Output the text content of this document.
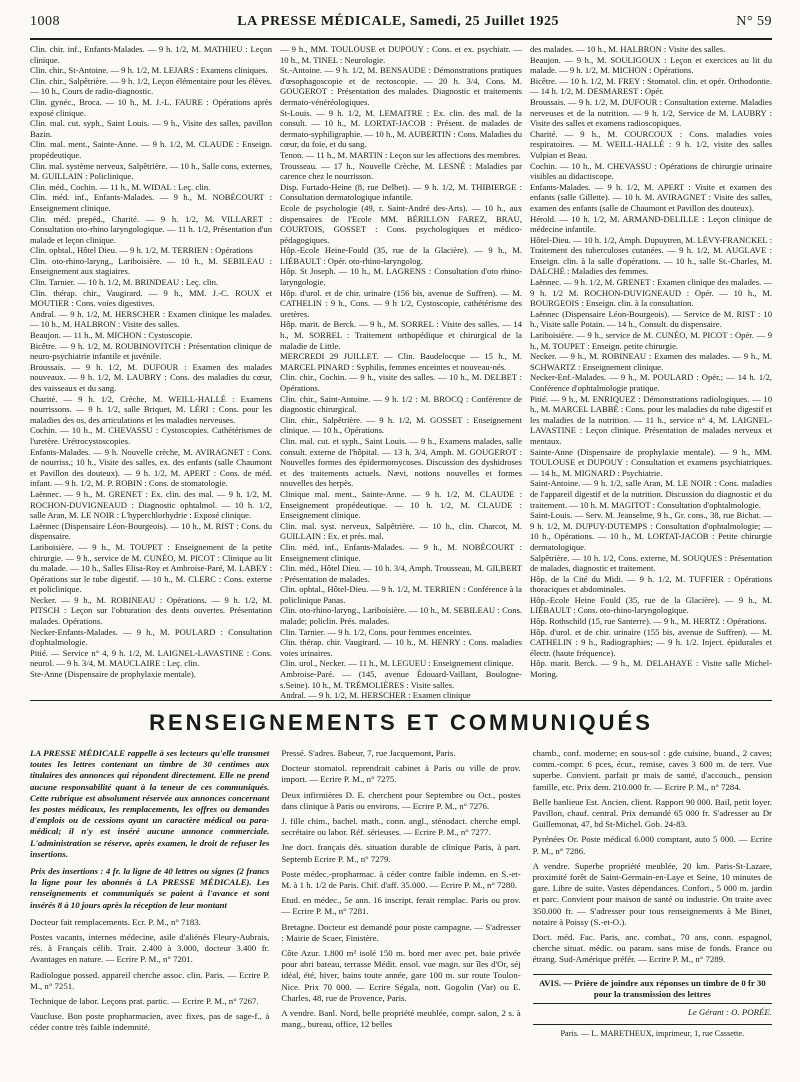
1008	LA PRESSE MÉDICALE, Samedi, 25 Juillet 1925	N° 59

Clin. chir. inf., Enfants-Malades. — 9 h. 1/2, M. MATHIEU : Leçon clinique.

Clin. chir., St-Antoine. — 9 h. 1/2, M. LEJARS : Examens cliniques.

Clin. chir., Salpêtrière. — 9 h. 1/2, Leçon élémentaire pour les élèves. — 10 h., Cours de radio-diagnostic.

Clin. gynéc., Broca. — 10 h., M. J.-L. FAURE : Opérations après exposé clinique.

Clin. mal. cut. syph., Saint Louis. — 9 h., Visite des salles, pavillon Bazin.

Clin. mal. ment., Sainte-Anne. — 9 h. 1/2, M. CLAUDE : Enseign. propédeutique.

Clin. mal. système nerveux, Salpêtrière. — 10 h., Salle cons, externes, M. GUILLAIN : Policlinique.

Clin. méd., Cochin. — 11 h., M. WIDAL : Leç. clin.

Clin. méd. inf., Enfants-Malades. — 9 h., M. NOBÉCOURT : Enseignement clinique.

Clin. méd. prepéd., Charité. — 9 h. 1/2, M. VILLARET : Consultation oto-rhino laryngologique. — 11 h. 1/2, Présentation d'un malade et leçon clinique.

Clin. ophtal., Hôtel Dieu. — 9 h. 1/2, M. TERRIEN : Opérations

Clin. oto-rhino-laryng., Lariboisière. — 10 h., M. SEBILEAU : Enseignement aux stagiaires.

Clin. Tarnier. — 10 h. 1/2, M. BRINDEAU : Leç. clin.

Clin. thérap. chir., Vaugirard. — 9 h., MM. J.-C. ROUX et MOUTIER : Cons. voies digestives.

Andral. — 9 h. 1/2, M. HERSCHER : Examen clinique les malades. — 10 h., M. HALBRON : Visite des salles.

Beaujon. — 11 h., M. MICHON : Cystoscopie.

Bicêtre. — 9 h. 1/2, M. ROUBINOVITCH : Présentation clinique de neuro-psychiatrie infantile et juvénile.

Broussais. — 9 h. 1/2, M. DUFOUR : Examen des malades nouveaux. — 9 h. 1/2, M. LAUBRY : Cons. des maladies du cœur, des vaisseaux et du sang.

Charité. — 9 h. 1/2, Crèche, M. WEILL-HALLÉ : Examens nourrissons. — 9 h. 1/2, salle Briquet, M. LÉRI : Cons. pour les maladies des os, des articulations et les maladies nerveuses.

Cochin. — 10 h., M. CHEVASSU : Cystoscopies. Cathétérismes de l'uretère. Urétrocystoscopies.

Enfants-Malades. — 9 h. Nouvelle crèche, M. AVIRAGNET : Cons. de nourriss.; 10 h., Visite des salles, ex. des enfants (salle Chaumont et Pavillon des douteux). — 9 h. 1/2, M. APERT : Cons. de méd. infant. — 9 h. 1/2, M. P. ROBIN : Cons. de stomatologie.

Laënnec. — 9 h., M. GRENET : Ex. clin. des mal. — 9 h. 1/2, M. ROCHON-DUVIGNEAUD : Diagnostic ophtalmol. — 10 h. 1/2, salle Aran, M. LE NOIR : L'hyperchlorhydrie : Exposé clinique.

Laënnec (Dispensaire Léon-Bourgeois). — 10 h., M. RIST : Cons. du dispensaire.

Lariboisière. — 9 h., M. TOUPET : Enseignement de la petite chirurgie. — 9 h., service de M. CUNÉO, M. PICOT : Clinique au lit du malade. — 10 h., Salles Elisa-Roy et Ambroise-Paré, M. LABEY : Opérations sur le tube digestif. — 10 h., M. CLERC : Cons. externe et policlinique.

Necker. — 9 h., M. ROBINEAU : Opérations. — 9 h. 1/2, M. PITSCH : Leçon sur l'obturation des dents ouvertes. Présentation malades. Opérations.

Necker-Enfants-Malades. — 9 h., M. POULARD : Consultation d'ophtalmologie.

Pitié. — Service n° 4, 9 h. 1/2, M. LAIGNEL-LAVASTINE : Cons. neurol. — 9 h. 3/4, M. MAUCLAIRE : Leç. clin.

Ste-Anne (Dispensaire de prophylaxie mentale).

— 9 h., MM. TOULOUSE et DUPOUY : Cons. et ex. psychiatr. — 10 h., M. TINEL : Neurologie.

St.-Antoine. — 9 h. 1/2, M. BENSAUDE : Démonstrations pratiques d'œsophagoscopie et de rectoscopie. — 20 h. 3/4, Cons. M. GOUGEROT : Présentation des malades. Diagnostic et traitements dermato-vénéréologiques.

St-Louis. — 9 h. 1/2, M. LEMAITRE : Ex. clin. des mal. de la consult. — 10 h., M. LORTAT-JACOB : Présent. de malades de dermato-syphiligraphie. — 10 h., M. AUBERTIN : Cons. Maladies du cœur, du foie, et du sang.

Tenon. — 11 h., M. MARTIN : Leçon sur les affections des membres.

Trousseau. — 17 h., Nouvelle Crèche, M. LESNÉ : Maladies par carence chez le nourrisson.

Disp. Furtado-Heine (8, rue Delbet). — 9 h. 1/2, M. THIBIERGE : Consultation dermatologique infantile.

Ecole de psychologie (49, r. Saint-André des-Arts). — 10 h., aux dispensaires de l'Ecole MM. BÉRILLON FAREZ, BRAU, COURTOIS, GOSSET : Cons. psychologiques et médico-pédagogiques.

Hôp.-Ecole Heine-Fould (35, rue de la Glacière). — 9 h., M. LIÉBAULT : Opér. oto-rhino-laryngolog.

Hôp. St Joseph. — 10 h., M. LAGRENS : Consultation d'oto rhino-laryngologie.

Hôp. d'urol. et de chir. urinaire (156 bis, avenue de Suffren). — M. CATHELIN : 9 h., Cons. — 9 h 1/2, Cystoscopie, cathétérisme des uretères.

Hôp. marit. de Berck. — 9 h., M. SORREL : Visite des salles. — 14 h., M. SORREL : Traitement orthopédique et chirurgical de la maladie de Little.

MERCREDI 29 JUILLET. — Clin. Baudelocque — 15 h., M. MARCEL PINARD : Syphilis, femmes enceintes et nouveau-nés.

Clin. chir., Cochin. — 9 h., visite des salles. — 10 h., M. DELBET : Opérations.

Clin. chir., Saint-Antoine. — 9 h. 1/2 : M. BROCQ : Conférence de diagnostic chirurgical.

Clin. chir., Salpêtrière. — 9 h. 1/2, M. GOSSET : Enseignement clinique. — 10 h., Opérations.

Clin. mal. cut. et syph., Saint Louis. — 9 h., Examens malades, salle consult. externe de l'hôpital. — 13 h. 3/4, Amph. M. GOUGEROT : Nouvelles formes des épidermomycoses. Discussion des dyshidroses et des traitements actuels. Nævi, notions nouvelles et formes nouvelles des herpès.

Clinique mal. ment., Sainte-Anne. — 9 h. 1/2, M. CLAUDE : Enseignement propédeutique. — 10 h. 1/2, M. CLAUDE : Enseignement clinique.

Clin. mal. syst. nerveux, Salpêtrière. — 10 h., clin. Charcot, M. GUILLAIN : Ex. et prés. mal.

Clin. méd. inf., Enfants-Malades. — 9 h., M. NOBÉCOURT : Enseignement clinique.

Clin. méd., Hôtel Dieu. — 10 h. 3/4, Amph. Trousseau, M. GILBERT : Présentation de malades.

Clin. ophtal., Hôtel-Dieu. — 9 h. 1/2, M. TERRIEN : Conférence à la policlinique Panas.

Clin. oto-rhino-laryng., Lariboisière. — 10 h., M. SEBILEAU : Cons. malade; policlin. Prés. malades.

Clin. Tarnier. — 9 h. 1/2, Cons. pour femmes enceintes.

Clin. thérap. chir. Vaugirard. — 10 h., M. HENRY : Cons. maladies voies urinaires.

Clin. urol., Necker. — 11 h., M. LEGUEU : Enseignement clinique.

Ambroise-Paré. — (145, avenue Édouard-Vaillant, Boulogne-s.Seine). 10 h., M. TRÉMOLIÈRES : Visite salles.

Andral. — 9 h. 1/2, M. HERSCHER : Examen clinique

des malades. — 10 h., M. HALBRON : Visite des salles.

Beaujon. — 9 h., M. SOULIGOUX : Leçon et exercices au lit du malade. — 9 h. 1/2, M. MICHON : Opérations.

Bicêtre. — 10 h. 1/2, M. FREY : Stomatol. clin. et opér. Orthodontie. — 14 h. 1/2, M. DESMAREST : Opér.

Broussais. — 9 h. 1/2, M. DUFOUR : Consultation externe. Maladies nerveuses et de la nutrition. — 9 h. 1/2, Service de M. LAUBRY : Visite des salles et examens radioscopiques.

Charité. — 9 h., M. COURCOUX : Cons. maladies voies respiratoires. — M. WEILL-HALLÉ : 9 h. 1/2, visite des salles Vulpian et Beau.

Cochin. — 10 h., M. CHEVASSU : Opérations de chirurgie urinaire visibles au didactiscope.

Enfants-Malades. — 9 h. 1/2, M. APERT : Visite et examen des enfants (salle Gillette). — 10 h. M. AVIRAGNET : Visite des salles, examen des enfants (salle de Chaumont et Pavillon des douteux).

Hérold. — 10 h. 1/2, M. ARMAND-DELILLE : Leçon clinique de médecine infantile.

Hôtel-Dieu. — 10 h. 1/2, Amph. Dupuytren, M. LÉVY-FRANCKEL : Traitement des tuberculoses cutanées. — 9 h. 1/2, M. AUGLAVE : Enseign. clin. à la salle d'opérations. — 10 h., salle St.-Charles, M. DALCHÉ : Maladies des femmes.

Laënnec. — 9 h. 1/2, M. GRENET : Examen clinique des malades. — 9 h. 1/2 M. ROCHON-DUVIGNEAUD : Opér. — 10 h., M. BOURGEOIS : Enseign. clin. à la consultation.

Laënnec (Dispensaire Léon-Bourgeois). — Service de M. RIST : 10 h., Visite salle Potain. — 14 h., Consult. du dispensaire.

Lariboisière. — 9 h., service de M. CUNÉO, M. PICOT : Opér. — 9 h., M. TOUPET : Enseign. petite chirurgie.

Necker. — 9 h., M. ROBINEAU : Examen des malades. — 9 h., M. SCHWARTZ : Enseignement clinique.

Necker-Enf.-Malades. — 9 h., M. POULARD : Opér.; — 14 h. 1/2, Conférence d'ophtalmologie pratique.

Pitié. — 9 h., M. ENRIQUEZ : Démonstrations radiologiques. — 10 h., M. MARCEL LABBÉ : Cons. pour les maladies du tube digestif et les maladies de la nutrition. — 11 h., service n° 4, M. LAIGNEL-LAVASTINE : Leçon clinique. Présentation de malades nerveux et mentaux.

Sainte-Anne (Dispensaire de prophylaxie mentale). — 9 h., MM. TOULOUSE et DUPOUY : Consultation et examens psychiatriques. — 14 h., M. MIGNARD : Psychiatrie.

Saint-Antoine. — 9 h. 1/2, salle Aran, M. LE NOIR : Cons. maladies de l'appareil digestif et de la nutrition. Discussion du diagnostic et du traitement. — 10 h. M. MAGITOT : Consultation d'ophtalmologie.

Saint-Louis. — Serv. M. Jeanselme, 9 h., Gr. cons., 38, rue Bichat. — 9 h. 1/2, M. DUPUY-DUTEMPS : Consultation d'ophtalmologie; — 10 h., Opérations. — 10 h., M. LORTAT-JACOB : Petite chirurgie dermatologique.

Salpêtrière. — 10 h. 1/2, Cons. externe, M. SOUQUES : Présentation de malades, diagnostic et traitement.

Hôp. de la Cité du Midi. — 9 h. 1/2, M. TUFFIER : Opérations thoraciques et abdominales.

Hôp.-Ecole Heine Fould (35, rue de la Glacière). — 9 h., M. LIÉBAULT : Cons. oto-rhino-laryngologique.

Hôp. Rothschild (15, rue Santerre). — 9 h., M. HERTZ : Opérations.

Hôp. d'urol. et de chir. urinaire (155 bis, avenue de Suffren). — M. CATHELIN : 9 h., Radiographies; — 9 h. 1/2. Inject. épidurales et électr. (haute fréquence).

Hôp. marit. Berck. — 9 h., M. DELAHAYE : Visite salle Michel-Moring.

RENSEIGNEMENTS ET COMMUNIQUÉS

LA PRESSE MÉDICALE rappelle à ses lecteurs qu'elle transmet toutes les lettres contenant un timbre de 30 centimes aux titulaires des annonces qui répondent directement. Elle ne prend aucune responsabilité quant à la teneur de ces communiqués. Cette rubrique est absolument réservée aux annonces concernant les postes médicaux, les remplacements, les offres ou demandes d'emplois ou de cessions ayant un caractère médical ou para-médical; il n'y est inséré aucune annonce commerciale. L'administration se réserve, après examen, le droit de refuser les insertions.

Prix des insertions : 4 fr. la ligne de 40 lettres ou signes (2 francs la ligne pour les abonnés à LA PRESSE MÉDICALE). Les renseignements et communiqués se paient à l'avance et sont insérés 8 à 10 jours après la réception de leur montant

Docteur fait remplacements. Ecr. P. M., n° 7183.

Postes vacants, internes médecine, asile d'aliénés Fleury-Aubrais, rés. à Français célib. Trait. 2.400 à 3.000, docteur 3.400 fr. Avantages en nature. — Ecrire P. M., n° 7201.

Radiologue possed. appareil cherche assoc. clin. Paris. — Ecrire P. M., n° 7251.

Technique de labor. Leçons prat. partic. — Ecrire P. M., n° 7267.

Vaucluse. Bon poste propharmacien, avec fixes, pas de sage-f., à céder contre très faible indemnité.

Pressé. S'adres. Babeur, 7, rue Jacquemont, Paris.

Docteur stomatol. reprendrait cabinet à Paris ou ville de prov. import. — Ecrire P. M., n° 7275.

Deux infirmières D. E. cherchent pour Septembre ou Oct., postes dans clinique à Paris ou environs. — Ecrire P. M., n° 7276.

J. fille chim., bachel. math., conn. angl., sténodact. cherche empl. secrétaire ou labor. Réf. sérieuses. — Ecrire P. M., n° 7277.

Jne doct. français dés. situation durable de clinique Paris, à part. Septemb Ecrire P. M., n° 7279.

Poste médec.-propharmac. à céder contre faible indemn. en S.-et-M. à 1 h. 1/2 de Paris. Chif. d'aff. 35.000. — Ecrire P. M., n° 7280.

Etud. en médec., 5e ann. 16 inscript. ferait remplac. Paris ou prov. — Ecrire P. M., n° 7281.

Bretagne. Docteur est demandé pour poste campagne. — S'adresser : Mairie de Scaer, Finistère.

Côte Azur. 1.800 m² isolé 150 m. bord mer avec pet. baie privée pour abri bateau, terrasse Médit. ensol. vue magn. sur îles d'Or, séj idéal, été, hiver, bains toute année, gare 100 m. sur route Toulon-Nice. Prix 70 000. — Ecrire Ségala, nott. Gogolin (Var) ou E. Charles, 48, rue de Provence, Paris.

A vendre. Banl. Nord, belle propriété meublée, compr. salon, 2 s. à mang., bureau, office, 12 belles

chamb., conf. moderne; en sous-sol : gde cuisine, buand., 2 caves; comm.-compr. 6 pces, écur., remise, caves 3 600 m. de terr. Vue superbe. Convient. parfait pr mais de santé, d'accouch., pension famille, etc. Prix dem. 210.000 fr. — Ecrire P. M., n° 7284.

Belle banlieue Est. Ancien. client. Rapport 90 000. Bail, petit loyer. Pavillon, chauf. central. Prix demandé 65 000 fr. S'adresser au Dr Guillemonat, 47, bd St-Michel. Gob. 24-83.

Pyrénées Or. Poste médical 6.000 comptant, auto 5 000. — Ecrire P. M., n° 7286.

A vendre. Superbe propriété meublée, 20 km. Paris-St-Lazare, proximité forêt de Saint-Germain-en-Laye et Seine, 10 minutes de gare. Libre de suite. Vastes dépendances. Confort., 5 000 m. jardin et parc. Convient pour maison de santé ou industrie. On traite avec 350.000 fr. — S'adresser pour tous renseignements à Me Binet, notaire à Poissy (S.-et-O.).

Doct. méd. Fac. Paris, anc. combat., 70 ans, conn. espagnol, cherche situat. médic. ou param. sans mise de fonds. France ou étrang. Sud-Amérique préfér. — Ecrire P. M., n° 7289.

AVIS. — Prière de joindre aux réponses un timbre de 0 fr 30 pour la transmission des lettres
Le Gérant : O. PORÉE.
Paris. — L. MARETHEUX, imprimeur, 1, rue Cassette.
